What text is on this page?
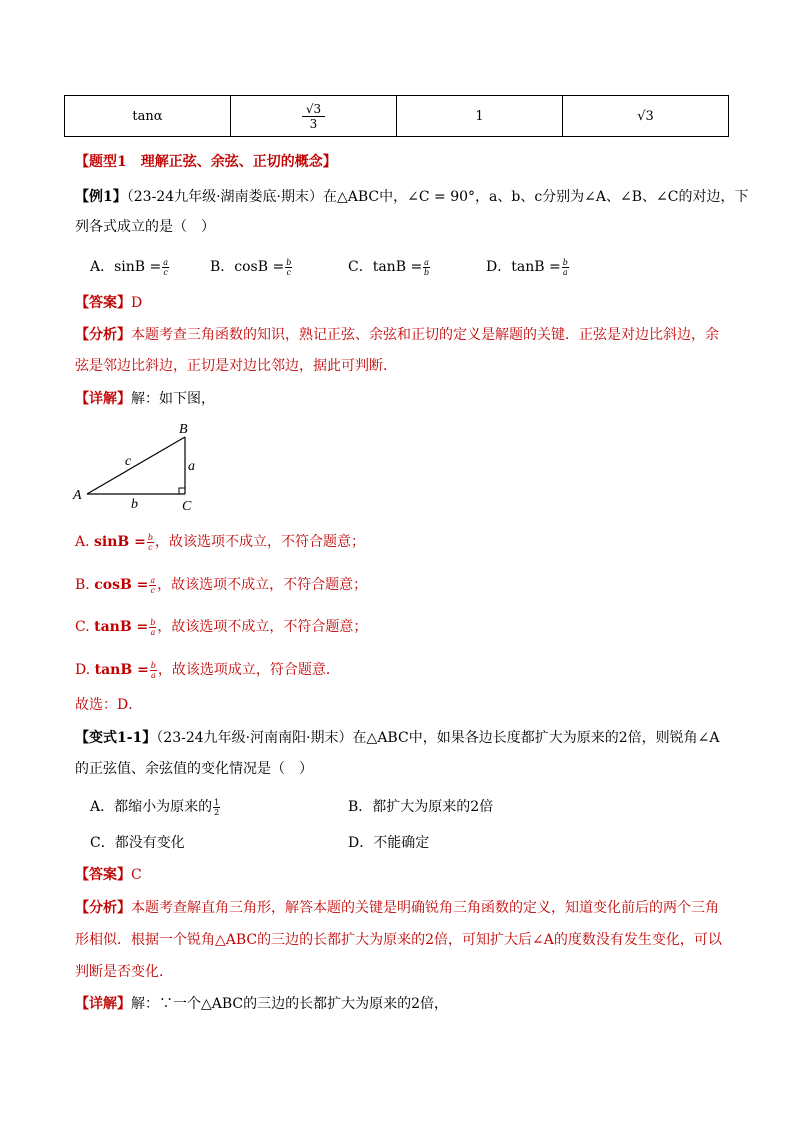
tanα	$\frac{√3}{3}$	1	√3
【题型1　理解正弦、余弦、正切的概念】
【例1】（23-24九年级·湖南娄底·期末）在△ABC中，∠C = 90°，a、b、c分别为∠A、∠B、∠C的对边，下
列各式成立的是（　）
A．$\sin B = \frac{a}{c}$	B．$\cos B = \frac{b}{c}$	C．$\tan B = \frac{a}{b}$	D．$\tan B = \frac{b}{a}$
【答案】D
【分析】本题考查三角函数的知识，熟记正弦、余弦和正切的定义是解题的关键．正弦是对边比斜边，余
弦是邻边比斜边，正切是对边比邻边，据此可判断．
【详解】解：如下图，
A
B
C
a
b
c
A. $\sin B = \frac{b}{c}$ ，故该选项不成立，不符合题意；
B. $\cos B = \frac{a}{c}$ ，故该选项不成立，不符合题意；
C. $\tan B = \frac{b}{a}$ ，故该选项不成立，不符合题意；
D. $\tan B = \frac{b}{a}$ ，故该选项成立，符合题意．
故选：D．
【变式1-1】（23-24九年级·河南南阳·期末）在△ABC中，如果各边长度都扩大为原来的2倍，则锐角∠A
的正弦值、余弦值的变化情况是（　）
A．都缩小为原来的 $\frac{1}{2}$	B．都扩大为原来的2倍
C．都没有变化	D．不能确定
【答案】C
【分析】本题考查解直角三角形，解答本题的关键是明确锐角三角函数的定义，知道变化前后的两个三角
形相似．根据一个锐角△ABC的三边的长都扩大为原来的2倍，可知扩大后∠A的度数没有发生变化，可以
判断是否变化．
【详解】解：∵一个△ABC的三边的长都扩大为原来的2倍，
